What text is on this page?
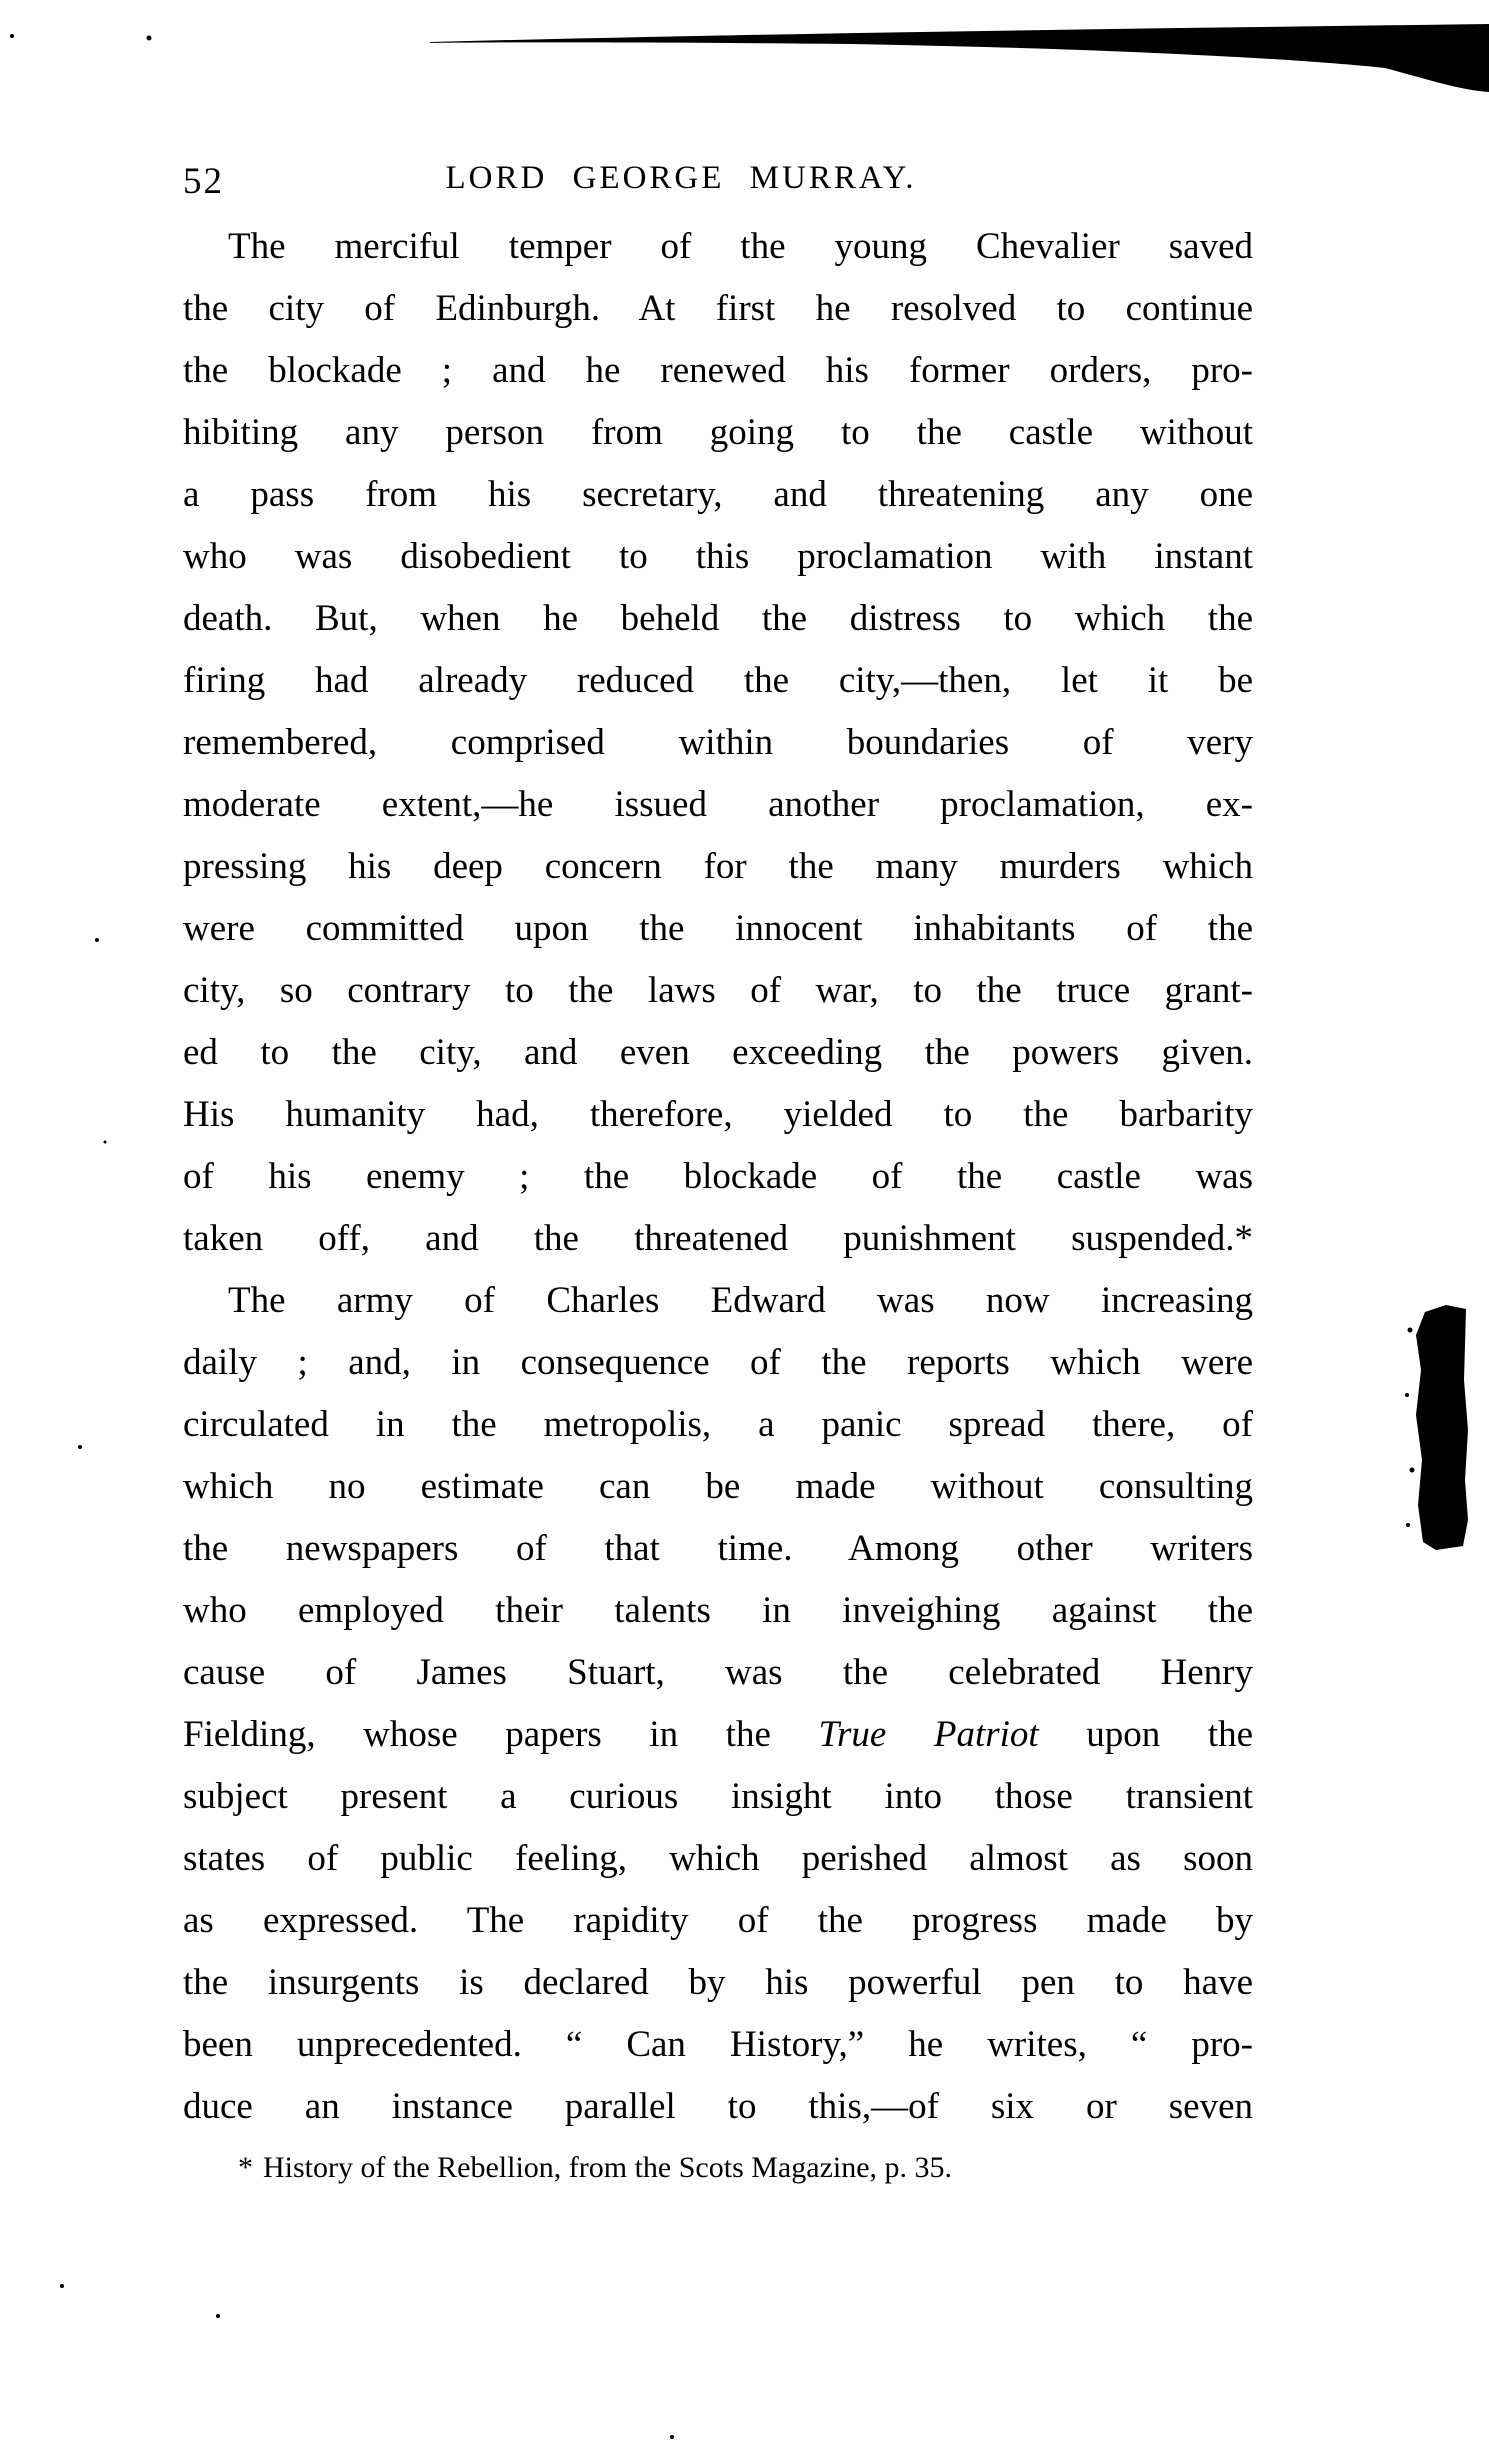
52	LORD GEORGE MURRAY.
The merciful temper of the young Chevalier saved
the city of Edinburgh. At first he resolved to continue
the blockade ; and he renewed his former orders, pro-
hibiting any person from going to the castle without
a pass from his secretary, and threatening any one
who was disobedient to this proclamation with instant
death. But, when he beheld the distress to which the
firing had already reduced the city,—then, let it be
remembered, comprised within boundaries of very
moderate extent,—he issued another proclamation, ex-
pressing his deep concern for the many murders which
were committed upon the innocent inhabitants of the
city, so contrary to the laws of war, to the truce grant-
ed to the city, and even exceeding the powers given.
His humanity had, therefore, yielded to the barbarity
of his enemy ; the blockade of the castle was
taken off, and the threatened punishment suspended.*
The army of Charles Edward was now increasing
daily ; and, in consequence of the reports which were
circulated in the metropolis, a panic spread there, of
which no estimate can be made without consulting
the newspapers of that time. Among other writers
who employed their talents in inveighing against the
cause of James Stuart, was the celebrated Henry
Fielding, whose papers in the True Patriot upon the
subject present a curious insight into those transient
states of public feeling, which perished almost as soon
as expressed. The rapidity of the progress made by
the insurgents is declared by his powerful pen to have
been unprecedented. “ Can History,” he writes, “ pro-
duce an instance parallel to this,—of six or seven
* History of the Rebellion, from the Scots Magazine, p. 35.
